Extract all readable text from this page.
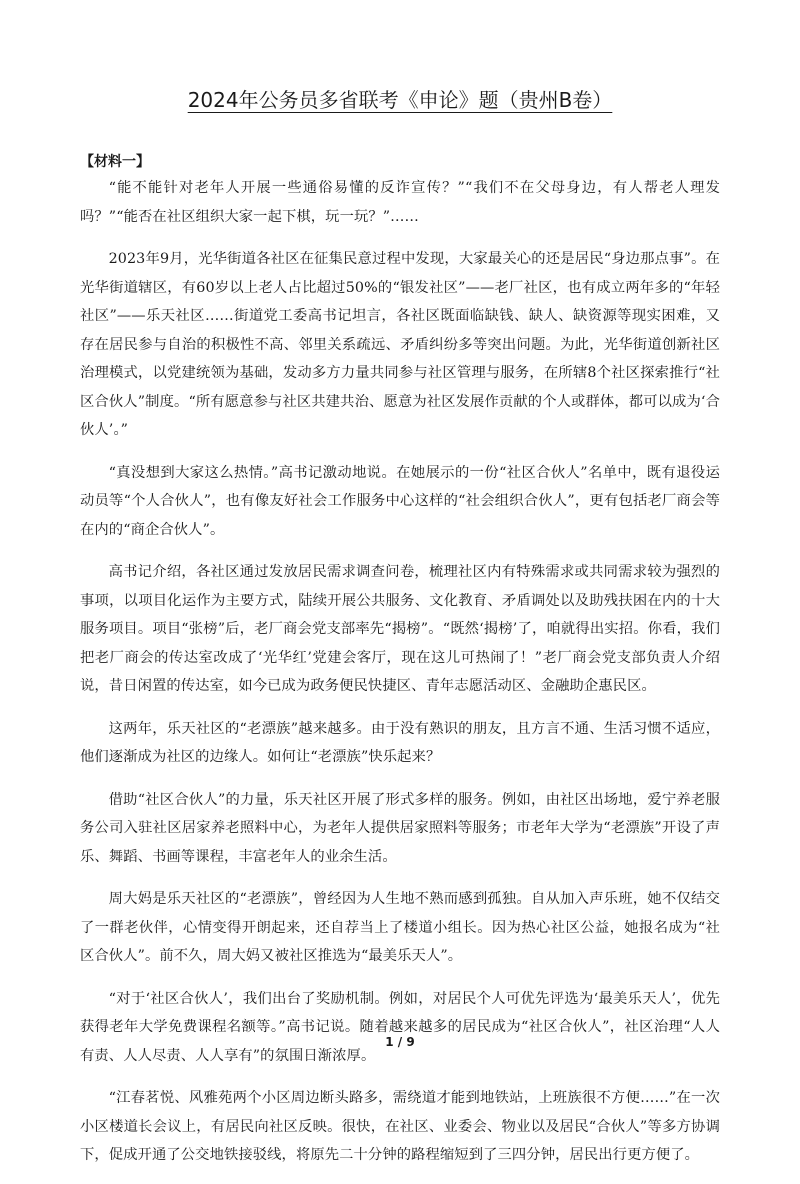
2024年公务员多省联考《申论》题（贵州B卷）
【材料一】

“能不能针对老年人开展一些通俗易懂的反诈宣传？”“我们不在父母身边，有人帮老人理发吗？”“能否在社区组织大家一起下棋，玩一玩？”……

2023年9月，光华街道各社区在征集民意过程中发现，大家最关心的还是居民“身边那点事”。在光华街道辖区，有60岁以上老人占比超过50%的“银发社区”——老厂社区，也有成立两年多的“年轻社区”——乐天社区……街道党工委高书记坦言，各社区既面临缺钱、缺人、缺资源等现实困难，又存在居民参与自治的积极性不高、邻里关系疏远、矛盾纠纷多等突出问题。为此，光华街道创新社区治理模式，以党建统领为基础，发动多方力量共同参与社区管理与服务，在所辖8个社区探索推行“社区合伙人”制度。“所有愿意参与社区共建共治、愿意为社区发展作贡献的个人或群体，都可以成为‘合伙人’。”

“真没想到大家这么热情。”高书记激动地说。在她展示的一份“社区合伙人”名单中，既有退役运动员等“个人合伙人”，也有像友好社会工作服务中心这样的“社会组织合伙人”，更有包括老厂商会等在内的“商企合伙人”。

高书记介绍，各社区通过发放居民需求调查问卷，梳理社区内有特殊需求或共同需求较为强烈的事项，以项目化运作为主要方式，陆续开展公共服务、文化教育、矛盾调处以及助残扶困在内的十大服务项目。项目“张榜”后，老厂商会党支部率先“揭榜”。“既然‘揭榜’了，咱就得出实招。你看，我们把老厂商会的传达室改成了‘光华红’党建会客厅，现在这儿可热闹了！”老厂商会党支部负责人介绍说，昔日闲置的传达室，如今已成为政务便民快捷区、青年志愿活动区、金融助企惠民区。

这两年，乐天社区的“老漂族”越来越多。由于没有熟识的朋友，且方言不通、生活习惯不适应，他们逐渐成为社区的边缘人。如何让“老漂族”快乐起来？

借助“社区合伙人”的力量，乐天社区开展了形式多样的服务。例如，由社区出场地，爱宁养老服务公司入驻社区居家养老照料中心，为老年人提供居家照料等服务；市老年大学为“老漂族”开设了声乐、舞蹈、书画等课程，丰富老年人的业余生活。

周大妈是乐天社区的“老漂族”，曾经因为人生地不熟而感到孤独。自从加入声乐班，她不仅结交了一群老伙伴，心情变得开朗起来，还自荐当上了楼道小组长。因为热心社区公益，她报名成为“社区合伙人”。前不久，周大妈又被社区推选为“最美乐天人”。

“对于‘社区合伙人’，我们出台了奖励机制。例如，对居民个人可优先评选为‘最美乐天人’，优先获得老年大学免费课程名额等。”高书记说。随着越来越多的居民成为“社区合伙人”，社区治理“人人有责、人人尽责、人人享有”的氛围日渐浓厚。

“江春茗悦、风雅苑两个小区周边断头路多，需绕道才能到地铁站，上班族很不方便……”在一次小区楼道长会议上，有居民向社区反映。很快，在社区、业委会、物业以及居民“合伙人”等多方协调下，促成开通了公交地铁接驳线，将原先二十分钟的路程缩短到了三四分钟，居民出行更方便了。

1 / 9
